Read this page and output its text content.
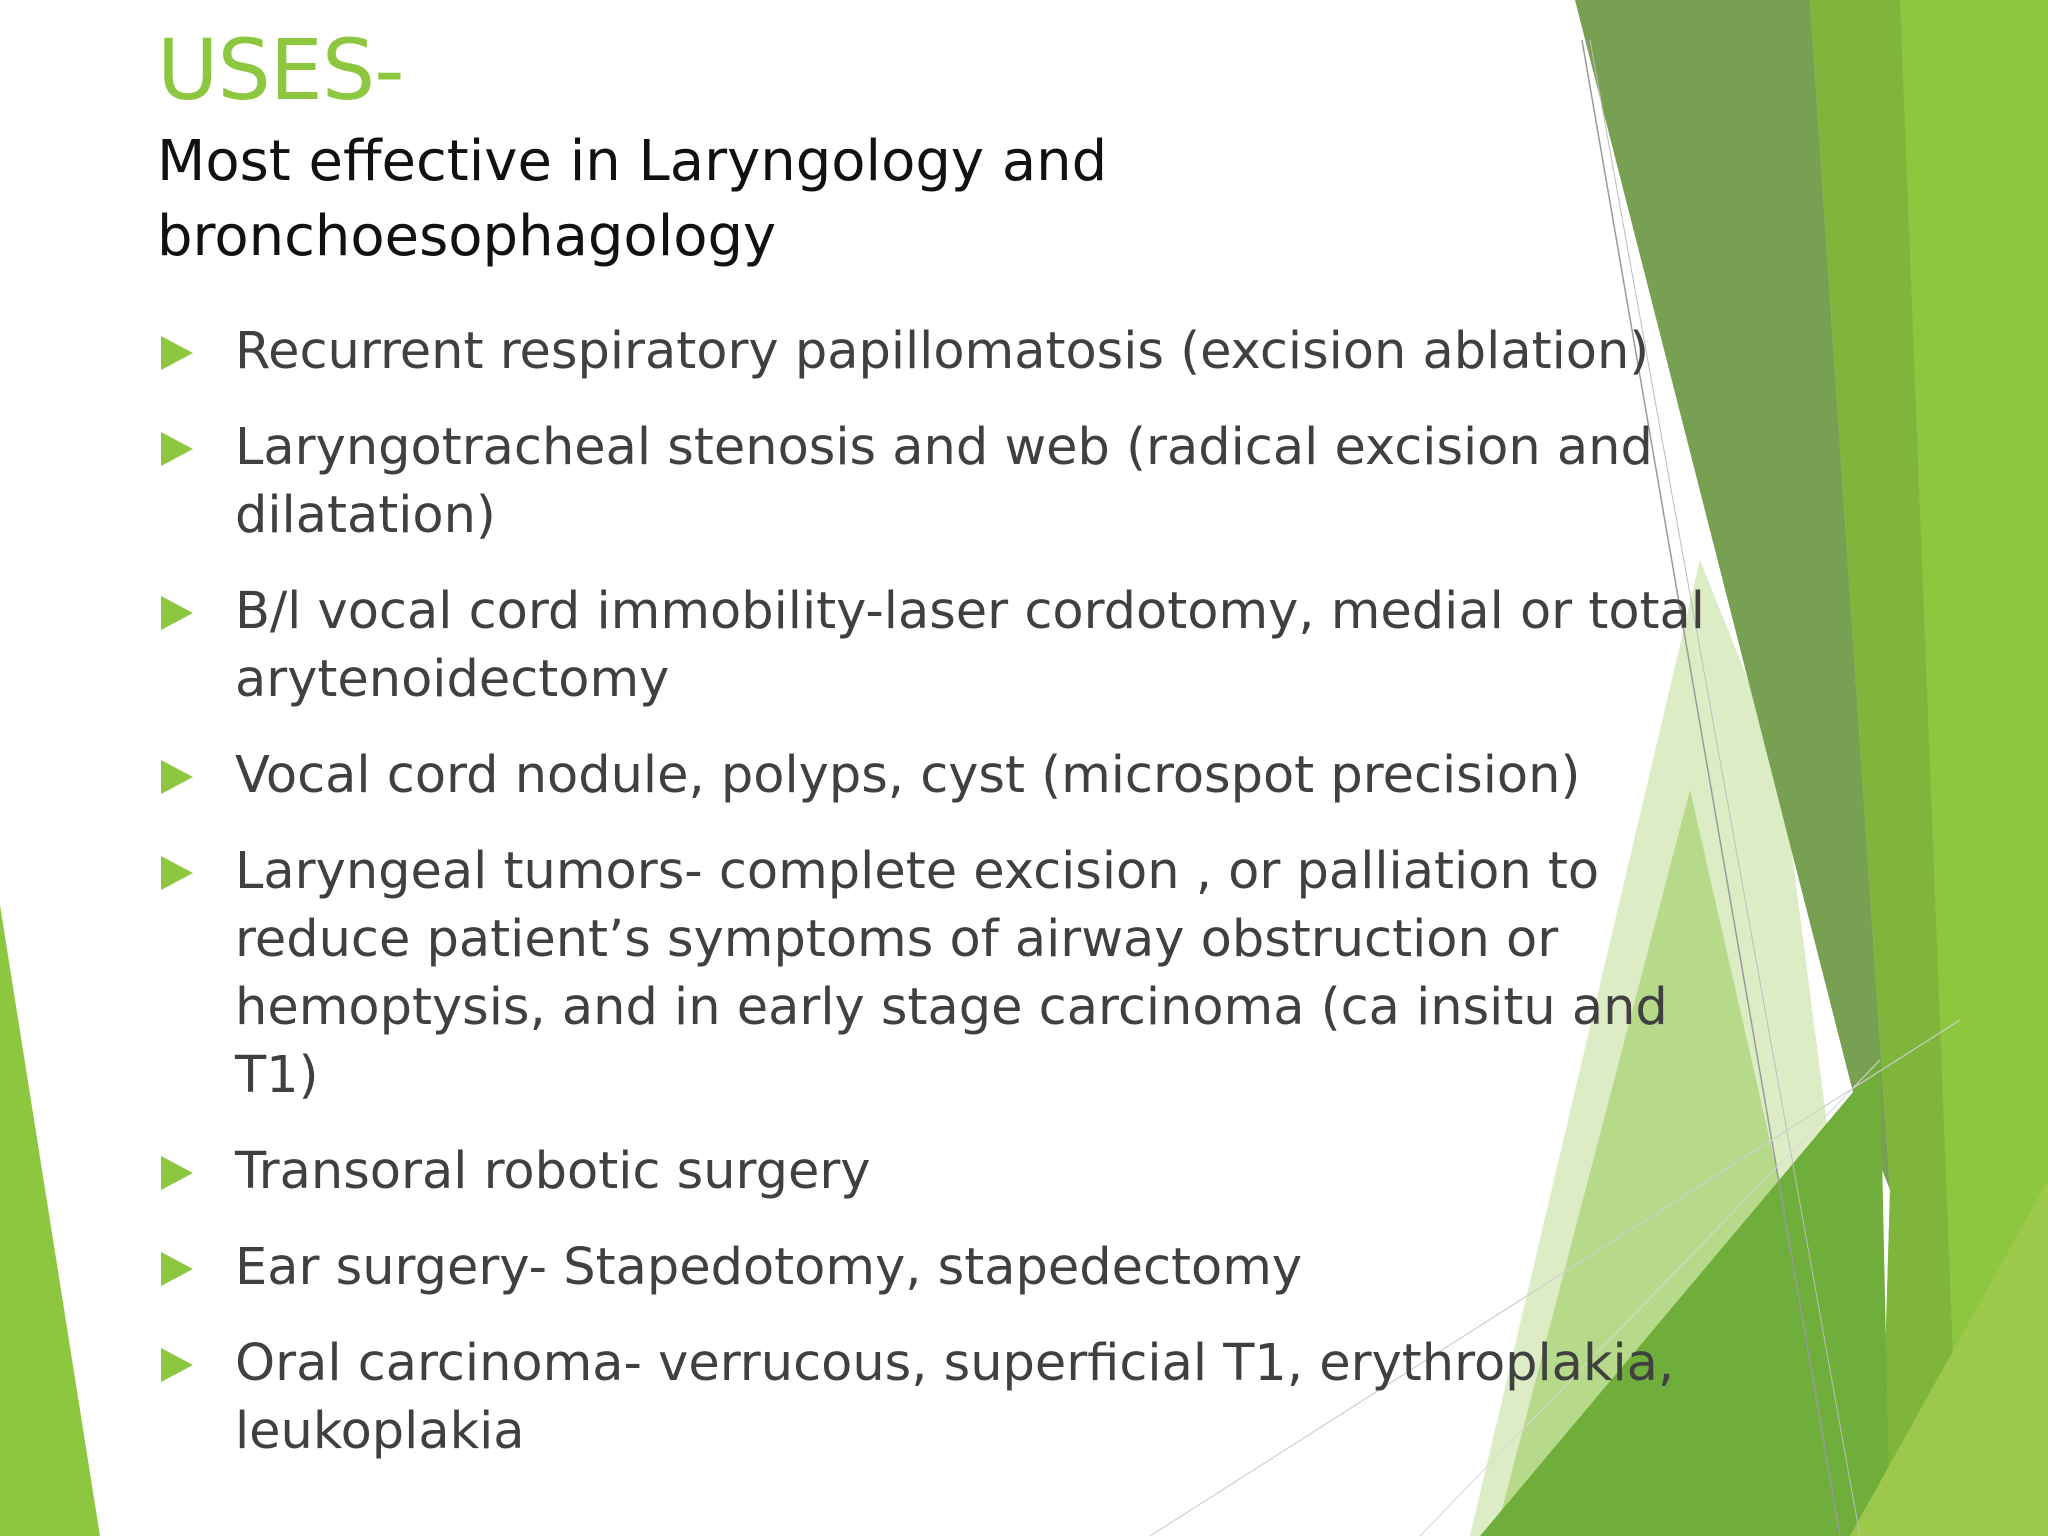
USES-

Most effective in Laryngology and bronchoesophagology

Recurrent respiratory papillomatosis (excision ablation)
Laryngotracheal stenosis and web (radical excision and dilatation)
B/l vocal cord immobility-laser cordotomy, medial or total arytenoidectomy
Vocal cord nodule, polyps, cyst (microspot precision)
Laryngeal tumors- complete excision , or palliation to reduce patient’s symptoms of airway obstruction or hemoptysis, and in early stage carcinoma (ca insitu and T1)
Transoral robotic surgery
Ear surgery- Stapedotomy, stapedectomy
Oral carcinoma- verrucous, superficial T1, erythroplakia, leukoplakia
